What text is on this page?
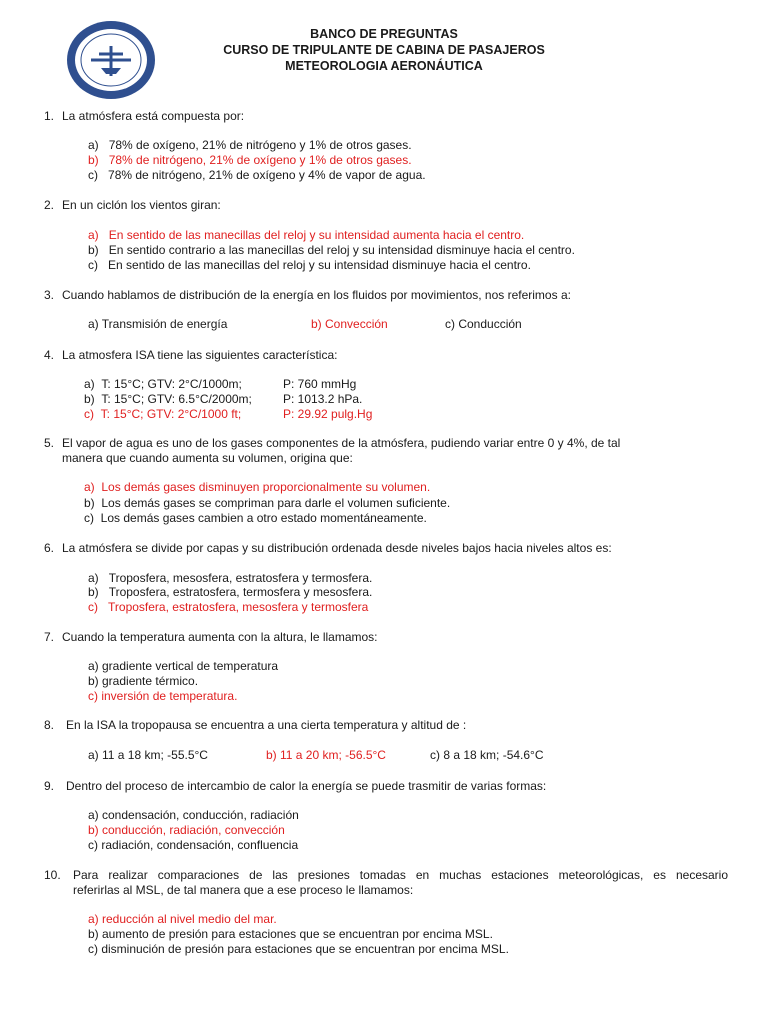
BANCO DE PREGUNTAS
CURSO DE TRIPULANTE DE CABINA DE PASAJEROS
METEOROLOGIA AERONÁUTICA
1. La atmósfera está compuesta por:
a) 78% de oxígeno, 21% de nitrógeno y 1% de otros gases.
b) 78% de nitrógeno, 21% de oxígeno y 1% de otros gases.
c) 78% de nitrógeno, 21% de oxígeno y 4% de vapor de agua.
2. En un ciclón los vientos giran:
a) En sentido de las manecillas del reloj y su intensidad aumenta hacia el centro.
b) En sentido contrario a las manecillas del reloj y su intensidad disminuye hacia el centro.
c) En sentido de las manecillas del reloj y su intensidad disminuye hacia el centro.
3. Cuando hablamos de distribución de la energía en los fluidos por movimientos, nos referimos a:
a) Transmisión de energía	b) Convección	c) Conducción
4. La atmosfera ISA tiene las siguientes característica:
a) T: 15°C; GTV: 2°C/1000m;	P: 760 mmHg
b) T: 15°C; GTV: 6.5°C/2000m;	P: 1013.2 hPa.
c) T: 15°C; GTV: 2°C/1000 ft;	P: 29.92 pulg.Hg
5. El vapor de agua es uno de los gases componentes de la atmósfera, pudiendo variar entre 0 y 4%, de tal
manera que cuando aumenta su volumen, origina que:
a) Los demás gases disminuyen proporcionalmente su volumen.
b) Los demás gases se compriman para darle el volumen suficiente.
c) Los demás gases cambien a otro estado momentáneamente.
6. La atmósfera se divide por capas y su distribución ordenada desde niveles bajos hacia niveles altos es:
a) Troposfera, mesosfera, estratosfera y termosfera.
b) Troposfera, estratosfera, termosfera y mesosfera.
c) Troposfera, estratosfera, mesosfera y termosfera
7. Cuando la temperatura aumenta con la altura, le llamamos:
a) gradiente vertical de temperatura
b) gradiente térmico.
c) inversión de temperatura.
8. En la ISA la tropopausa se encuentra a una cierta temperatura y altitud de :
a) 11 a 18 km; -55.5°C	b) 11 a 20 km; -56.5°C	c) 8 a 18 km; -54.6°C
9. Dentro del proceso de intercambio de calor la energía se puede trasmitir de varias formas:
a) condensación, conducción, radiación
b) conducción, radiación, convección
c) radiación, condensación, confluencia
10.	Para realizar comparaciones de las presiones tomadas en muchas estaciones meteorológicas, es necesario
referirlas al MSL, de tal manera que a ese proceso le llamamos:
a) reducción al nivel medio del mar.
b) aumento de presión para estaciones que se encuentran por encima MSL.
c) disminución de presión para estaciones que se encuentran por encima MSL.
